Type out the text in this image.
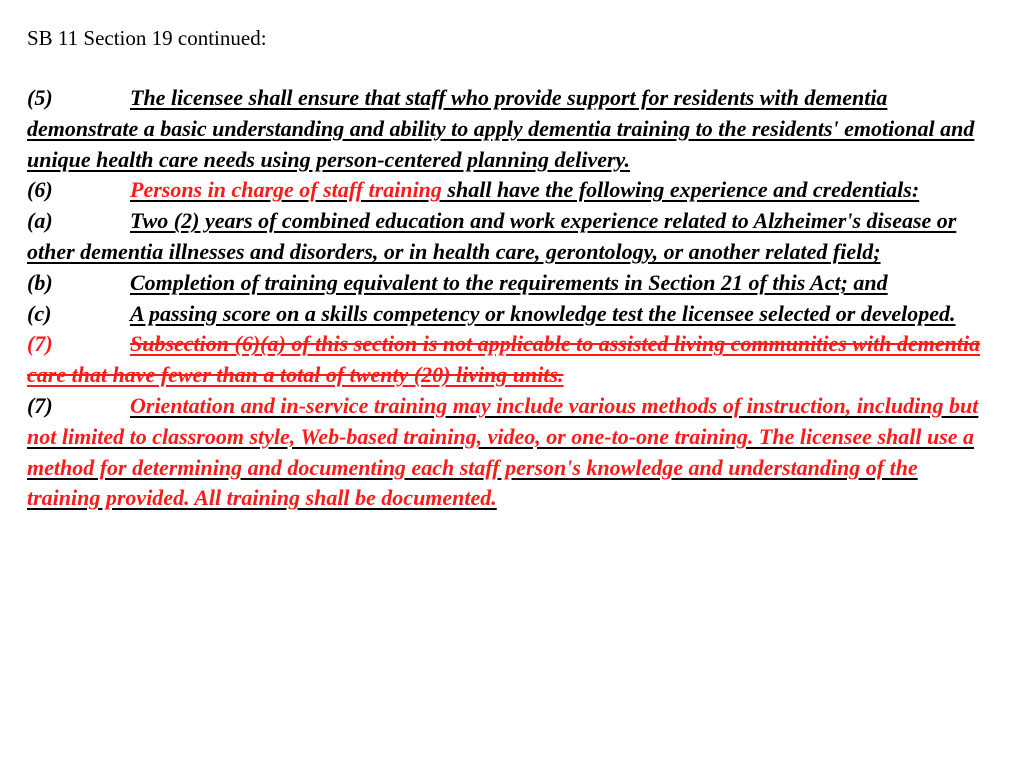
SB 11 Section 19 continued:

(5)	The licensee shall ensure that staff who provide support for residents with dementia demonstrate a basic understanding and ability to apply dementia training to the residents' emotional and unique health care needs using person-centered planning delivery.

(6)	Persons in charge of staff training shall have the following experience and credentials:

(a)	Two (2) years of combined education and work experience related to Alzheimer's disease or other dementia illnesses and disorders, or in health care, gerontology, or another related field;

(b)	Completion of training equivalent to the requirements in Section 21 of this Act; and

(c)	A passing score on a skills competency or knowledge test the licensee selected or developed.

(7)	Subsection (6)(a) of this section is not applicable to assisted living communities with dementia care that have fewer than a total of twenty (20) living units.

(7)	Orientation and in-service training may include various methods of instruction, including but not limited to classroom style, Web-based training, video, or one-to-one training. The licensee shall use a method for determining and documenting each staff person's knowledge and understanding of the training provided. All training shall be documented.
